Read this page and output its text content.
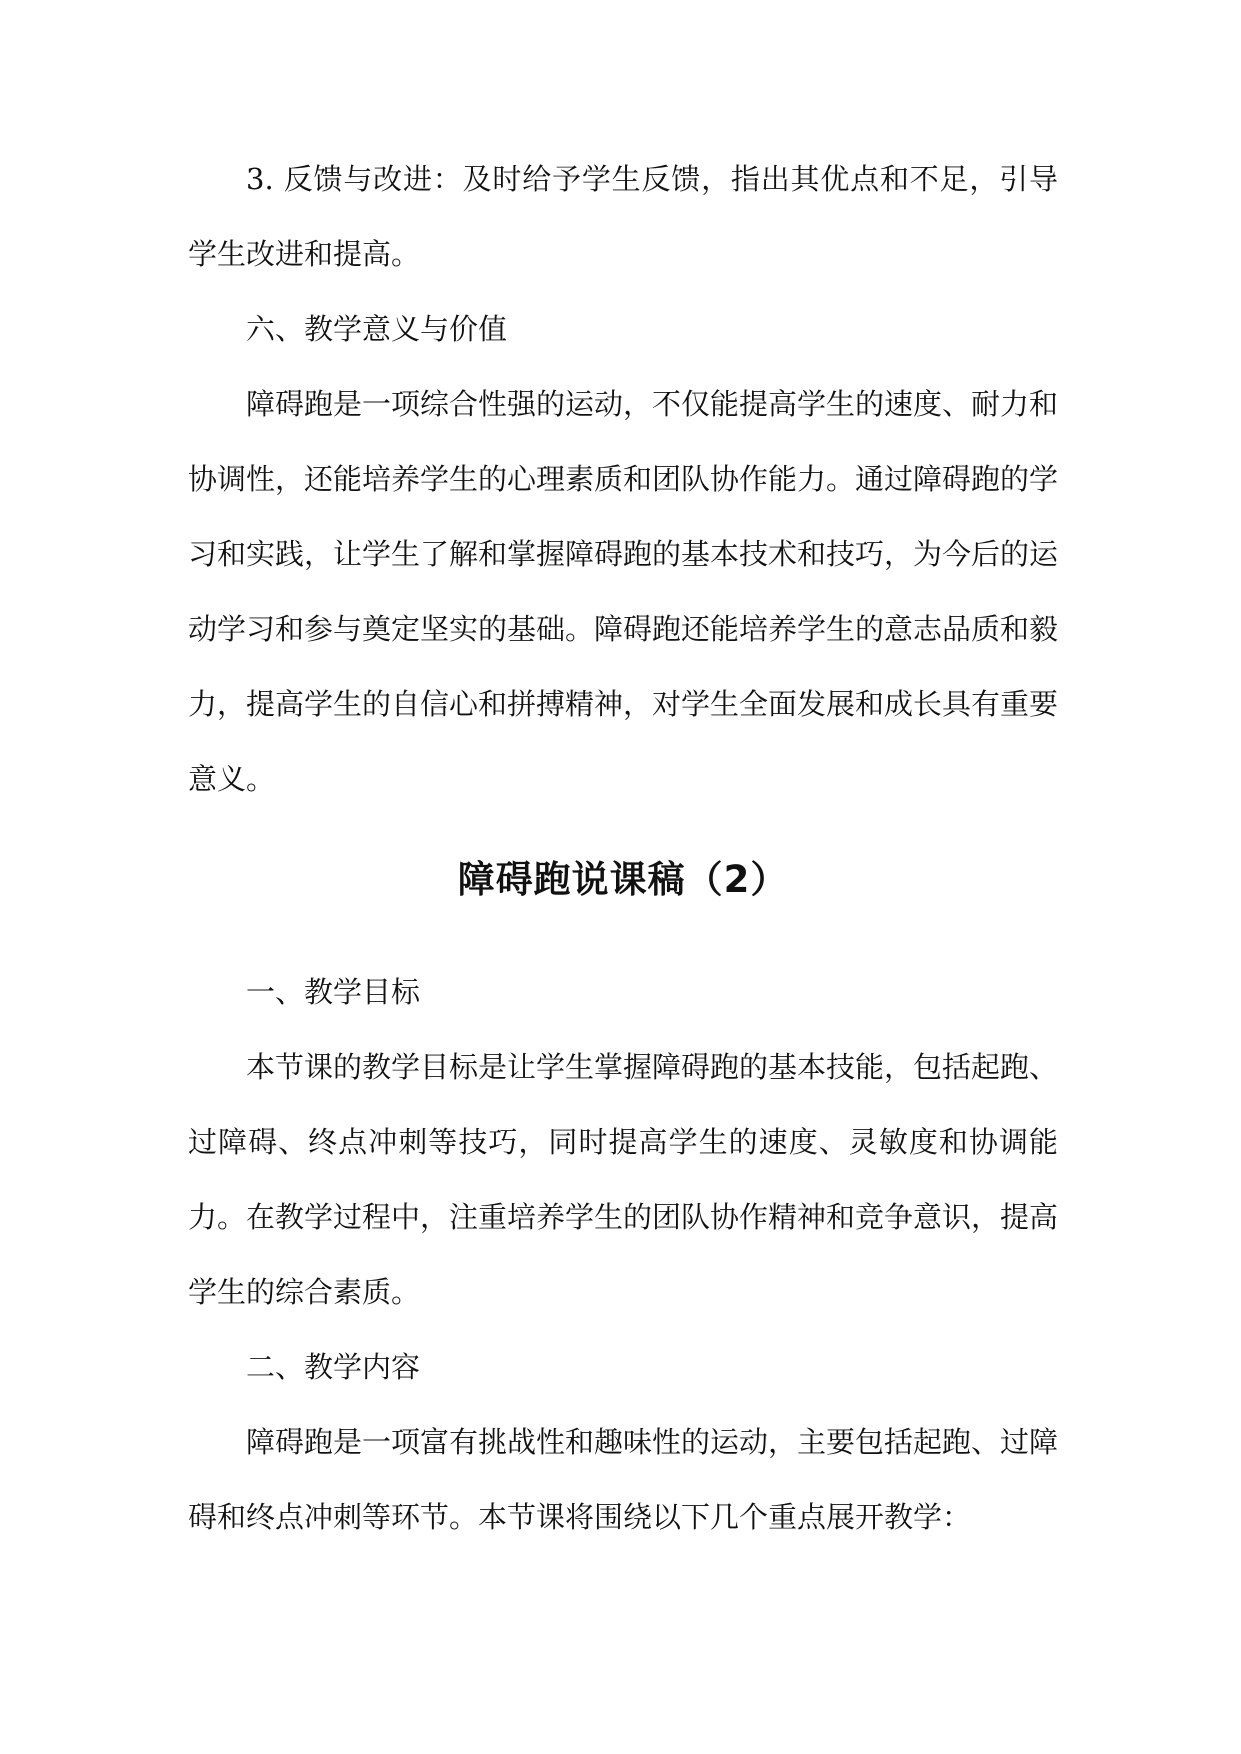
3. 反馈与改进：及时给予学生反馈，指出其优点和不足，引导学生改进和提高。

六、教学意义与价值

障碍跑是一项综合性强的运动，不仅能提高学生的速度、耐力和协调性，还能培养学生的心理素质和团队协作能力。通过障碍跑的学习和实践，让学生了解和掌握障碍跑的基本技术和技巧，为今后的运动学习和参与奠定坚实的基础。障碍跑还能培养学生的意志品质和毅力，提高学生的自信心和拼搏精神，对学生全面发展和成长具有重要意义。

障碍跑说课稿（2）

一、教学目标

本节课的教学目标是让学生掌握障碍跑的基本技能，包括起跑、过障碍、终点冲刺等技巧，同时提高学生的速度、灵敏度和协调能力。在教学过程中，注重培养学生的团队协作精神和竞争意识，提高学生的综合素质。

二、教学内容

障碍跑是一项富有挑战性和趣味性的运动，主要包括起跑、过障碍和终点冲刺等环节。本节课将围绕以下几个重点展开教学：
